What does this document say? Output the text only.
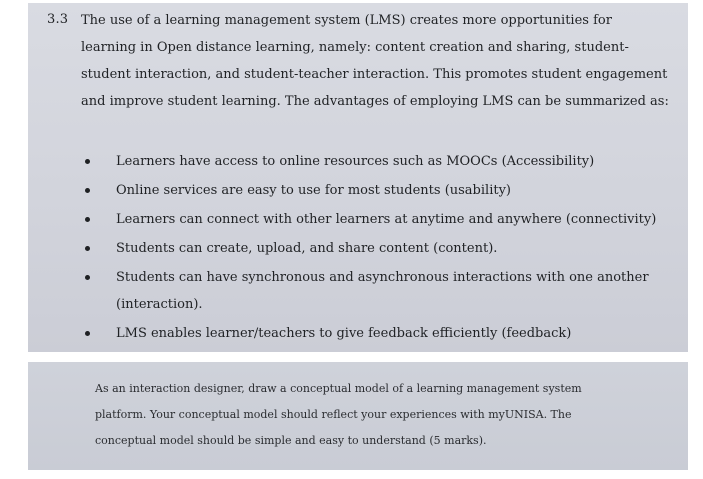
3.3 The use of a learning management system (LMS) creates more opportunities for learning in Open distance learning, namely: content creation and sharing, student-student interaction, and student-teacher interaction. This promotes student engagement and improve student learning. The advantages of employing LMS can be summarized as:

Learners have access to online resources such as MOOCs (Accessibility)
Online services are easy to use for most students (usability)
Learners can connect with other learners at anytime and anywhere (connectivity)
Students can create, upload, and share content (content).
Students can have synchronous and asynchronous interactions with one another (interaction).
LMS enables learner/teachers to give feedback efficiently (feedback)

As an interaction designer, draw a conceptual model of a learning management system platform. Your conceptual model should reflect your experiences with myUNISA. The conceptual model should be simple and easy to understand (5 marks).
